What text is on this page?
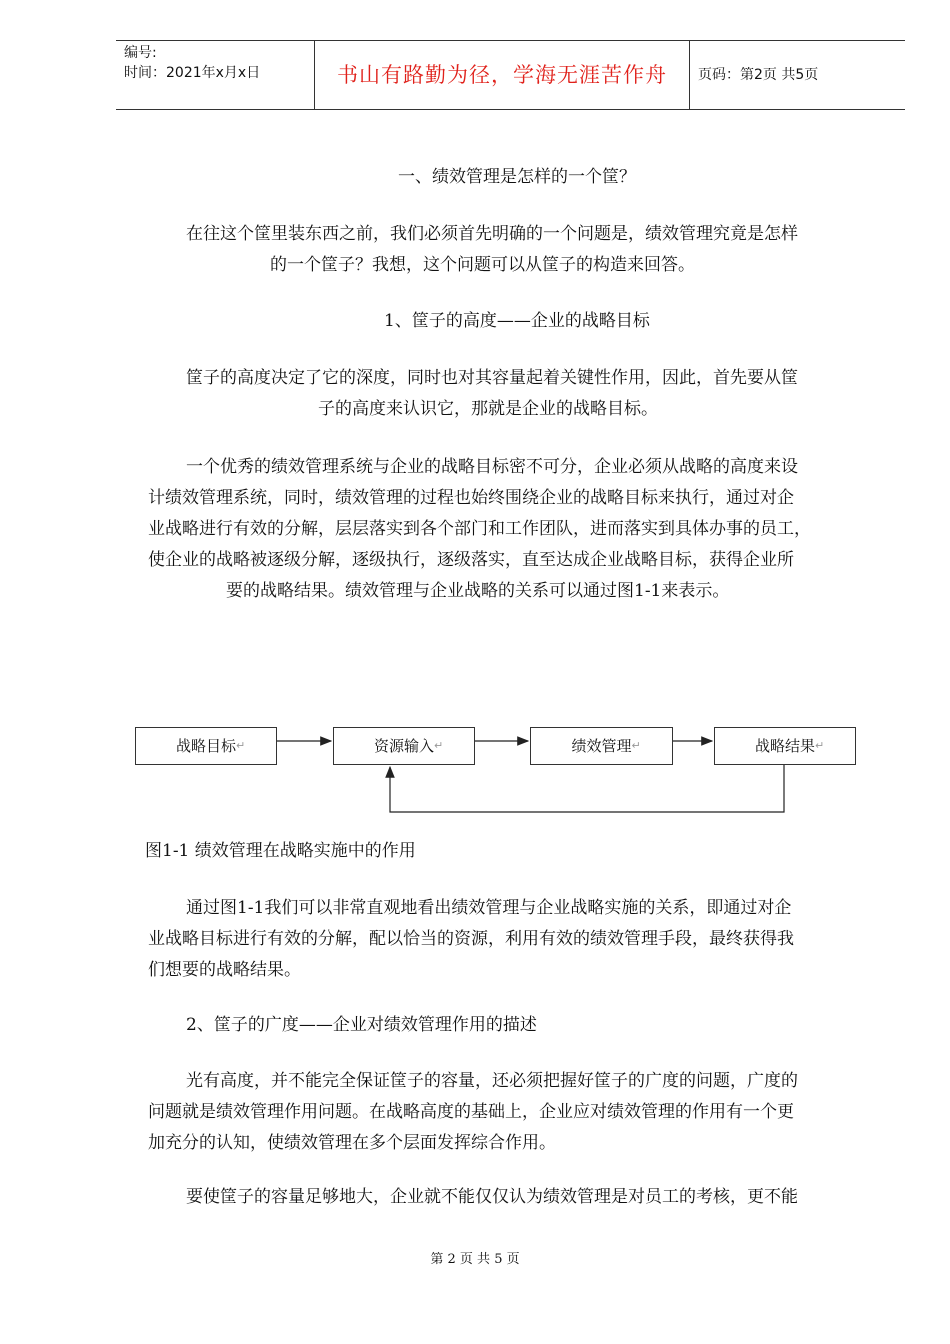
编号:
时间：2021年x月x日	书山有路勤为径，学海无涯苦作舟	页码：第2页 共5页
一、绩效管理是怎样的一个筐？
在往这个筐里装东西之前，我们必须首先明确的一个问题是，绩效管理究竟是怎样
的一个筐子？我想，这个问题可以从筐子的构造来回答。
1、筐子的高度——企业的战略目标
筐子的高度决定了它的深度，同时也对其容量起着关键性作用，因此，首先要从筐
子的高度来认识它，那就是企业的战略目标。
一个优秀的绩效管理系统与企业的战略目标密不可分，企业必须从战略的高度来设
计绩效管理系统，同时，绩效管理的过程也始终围绕企业的战略目标来执行，通过对企
业战略进行有效的分解，层层落实到各个部门和工作团队，进而落实到具体办事的员工，
使企业的战略被逐级分解，逐级执行，逐级落实，直至达成企业战略目标，获得企业所
要的战略结果。绩效管理与企业战略的关系可以通过图1-1来表示。
战略目标 ↵	资源输入 ↵	绩效管理 ↵	战略结果 ↵
图1-1 绩效管理在战略实施中的作用
通过图1-1我们可以非常直观地看出绩效管理与企业战略实施的关系，即通过对企
业战略目标进行有效的分解，配以恰当的资源，利用有效的绩效管理手段，最终获得我
们想要的战略结果。
2、筐子的广度——企业对绩效管理作用的描述
光有高度，并不能完全保证筐子的容量，还必须把握好筐子的广度的问题，广度的
问题就是绩效管理作用问题。在战略高度的基础上，企业应对绩效管理的作用有一个更
加充分的认知，使绩效管理在多个层面发挥综合作用。
要使筐子的容量足够地大，企业就不能仅仅认为绩效管理是对员工的考核，更不能
第 2 页 共 5 页
